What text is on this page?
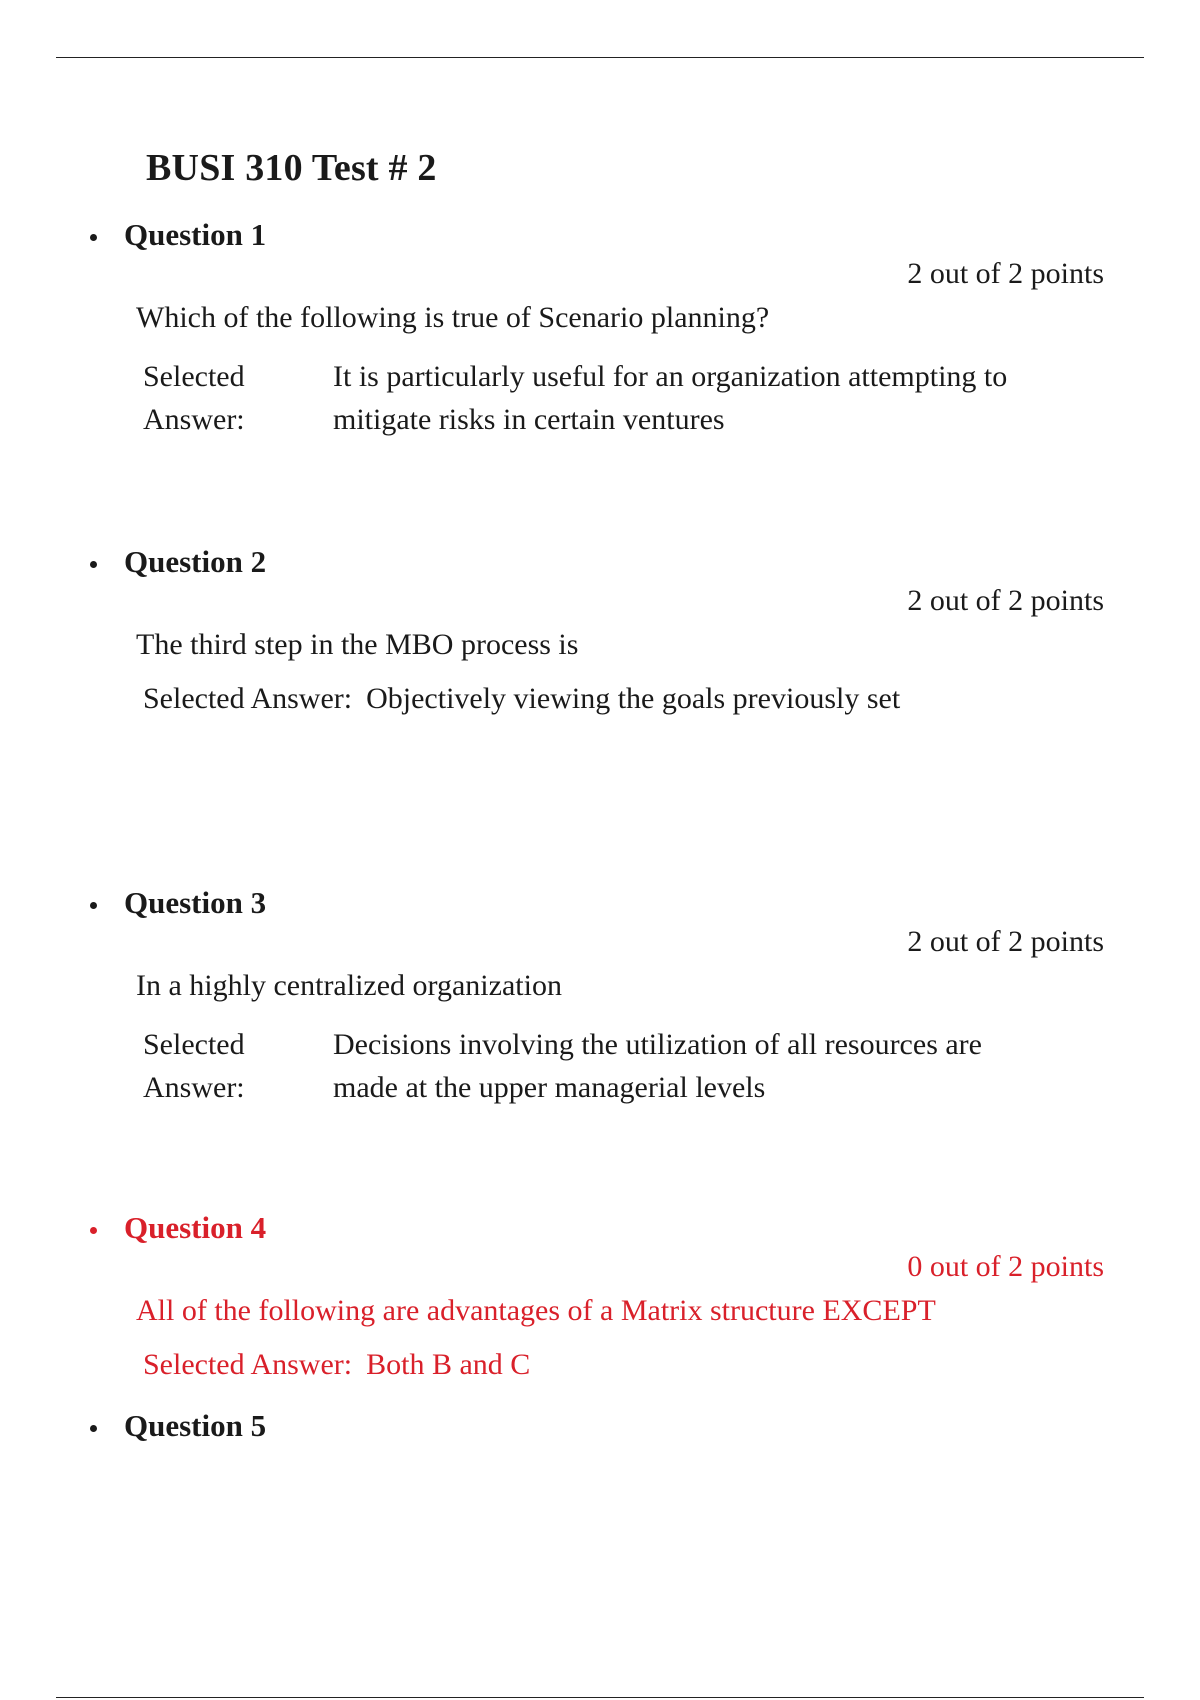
BUSI 310 Test # 2
Question 1
2 out of 2 points
Which of the following is true of Scenario planning?
Selected
Answer:
It is particularly useful for an organization attempting to mitigate risks in certain ventures
Question 2
2 out of 2 points
The third step in the MBO process is
Selected Answer: Objectively viewing the goals previously set
Question 3
2 out of 2 points
In a highly centralized organization
Selected
Answer:
Decisions involving the utilization of all resources are made at the upper managerial levels
Question 4
0 out of 2 points
All of the following are advantages of a Matrix structure EXCEPT
Selected Answer: Both B and C
Question 5
